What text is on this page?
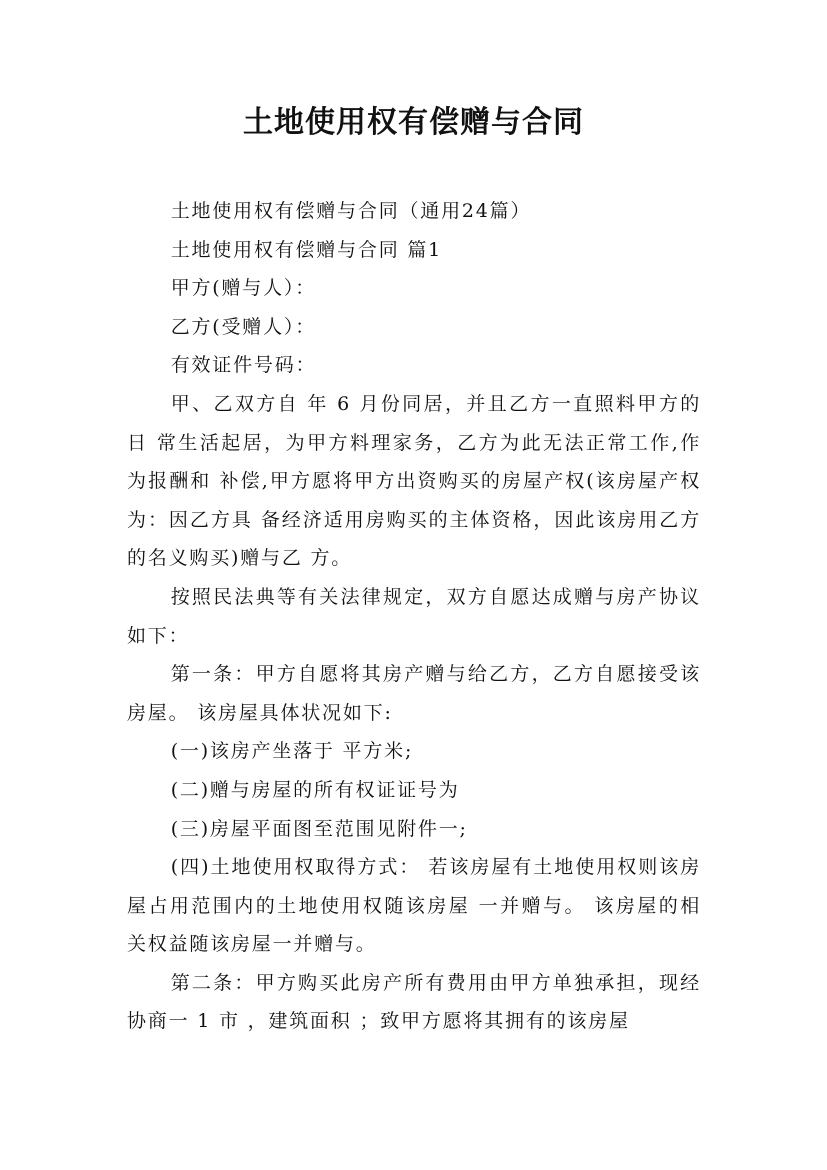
土地使用权有偿赠与合同

土地使用权有偿赠与合同（通用24篇）

土地使用权有偿赠与合同 篇1

甲方(赠与人）：

乙方(受赠人）：

有效证件号码：

甲、乙双方自 年 6 月份同居，并且乙方一直照料甲方的日 常生活起居，为甲方料理家务，乙方为此无法正常工作,作为报酬和 补偿,甲方愿将甲方出资购买的房屋产权(该房屋产权为：因乙方具 备经济适用房购买的主体资格，因此该房用乙方的名义购买)赠与乙 方。

按照民法典等有关法律规定，双方自愿达成赠与房产协议如下：

第一条：甲方自愿将其房产赠与给乙方，乙方自愿接受该房屋。 该房屋具体状况如下:

(一)该房产坐落于 平方米;

(二)赠与房屋的所有权证证号为

(三)房屋平面图至范围见附件一;

(四)土地使用权取得方式： 若该房屋有土地使用权则该房屋占用范围内的土地使用权随该房屋 一并赠与。 该房屋的相关权益随该房屋一并赠与。

第二条：甲方购买此房产所有费用由甲方单独承担，现经协商一 1 市 ，建筑面积 ；致甲方愿将其拥有的该房屋
